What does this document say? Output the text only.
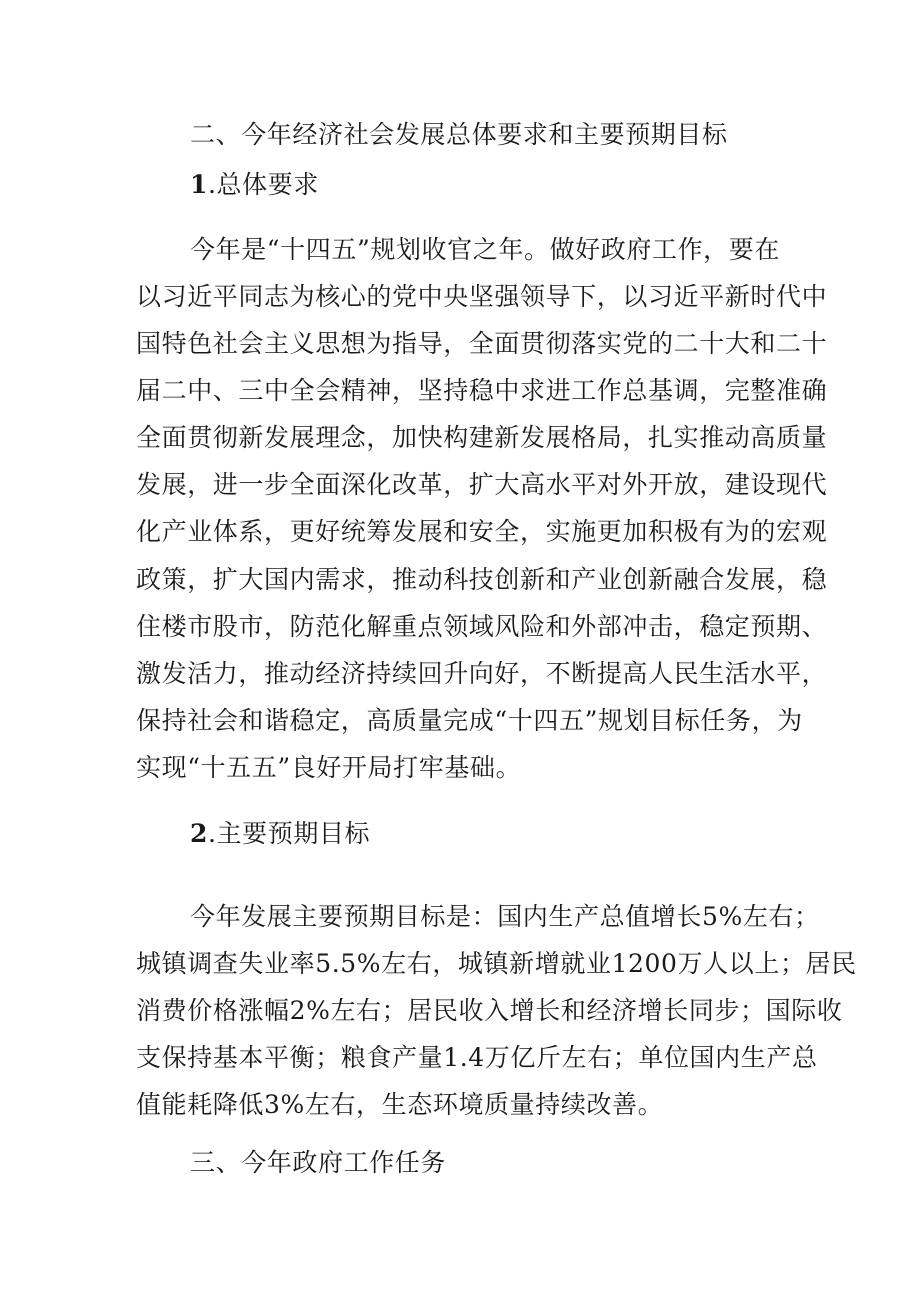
二、今年经济社会发展总体要求和主要预期目标
1.总体要求
今年是“十四五”规划收官之年。做好政府工作，要在
以习近平同志为核心的党中央坚强领导下，以习近平新时代中
国特色社会主义思想为指导，全面贯彻落实党的二十大和二十
届二中、三中全会精神，坚持稳中求进工作总基调，完整准确
全面贯彻新发展理念，加快构建新发展格局，扎实推动高质量
发展，进一步全面深化改革，扩大高水平对外开放，建设现代
化产业体系，更好统筹发展和安全，实施更加积极有为的宏观
政策，扩大国内需求，推动科技创新和产业创新融合发展，稳
住楼市股市，防范化解重点领域风险和外部冲击，稳定预期、
激发活力，推动经济持续回升向好，不断提高人民生活水平，
保持社会和谐稳定，高质量完成“十四五”规划目标任务，为
实现“十五五”良好开局打牢基础。
2.主要预期目标
今年发展主要预期目标是：国内生产总值增长5%左右；
城镇调查失业率5.5%左右，城镇新增就业1200万人以上；居民
消费价格涨幅2%左右；居民收入增长和经济增长同步；国际收
支保持基本平衡；粮食产量1.4万亿斤左右；单位国内生产总
值能耗降低3%左右，生态环境质量持续改善。
三、今年政府工作任务
